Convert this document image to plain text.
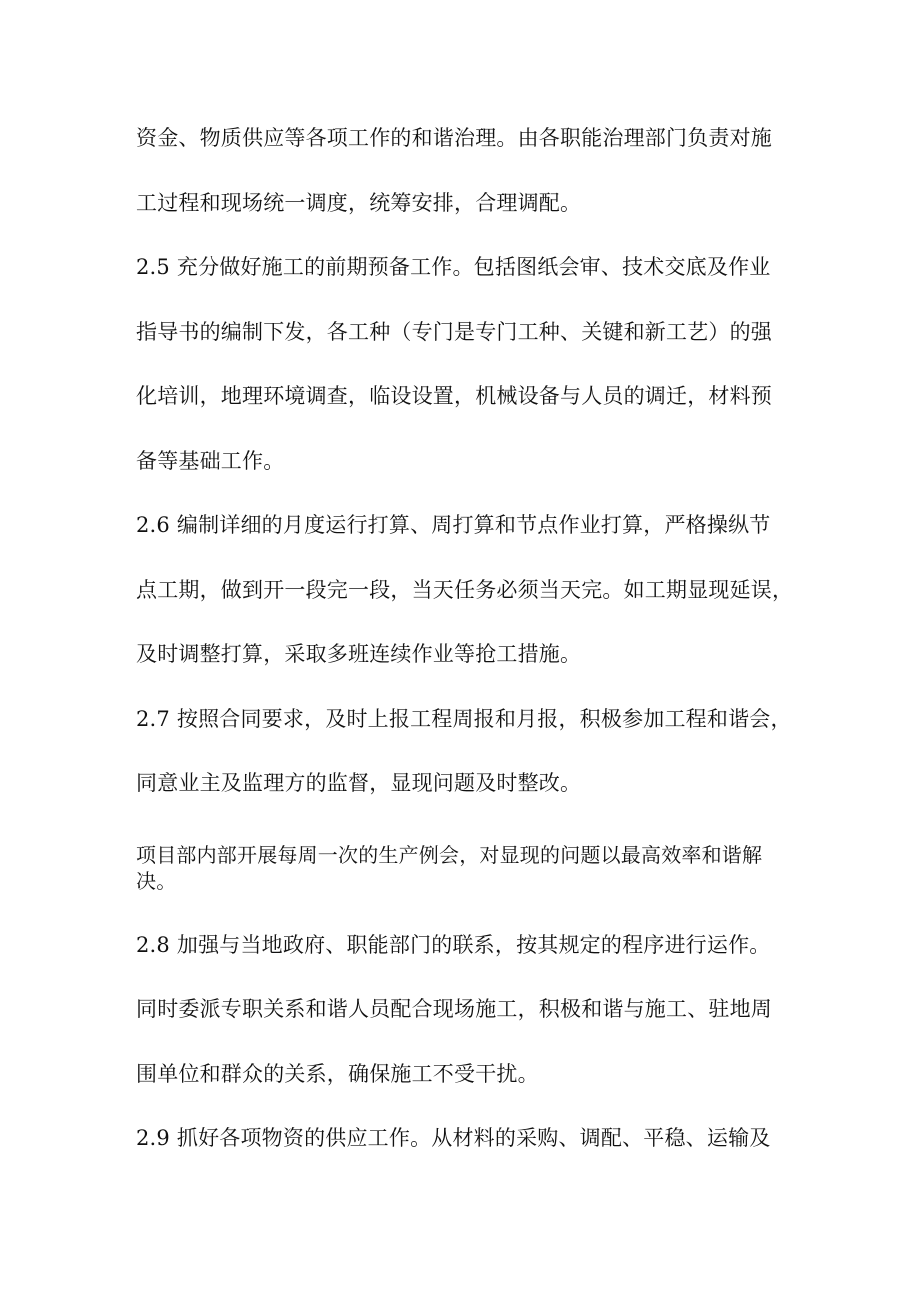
资金、物质供应等各项工作的和谐治理。由各职能治理部门负责对施
工过程和现场统一调度，统筹安排，合理调配。
2.5 充分做好施工的前期预备工作。包括图纸会审、技术交底及作业
指导书的编制下发，各工种（专门是专门工种、关键和新工艺）的强
化培训，地理环境调查，临设设置，机械设备与人员的调迁，材料预
备等基础工作。
2.6 编制详细的月度运行打算、周打算和节点作业打算，严格操纵节
点工期，做到开一段完一段，当天任务必须当天完。如工期显现延误，
及时调整打算，采取多班连续作业等抢工措施。
2.7 按照合同要求，及时上报工程周报和月报，积极参加工程和谐会，
同意业主及监理方的监督，显现问题及时整改。
项目部内部开展每周一次的生产例会，对显现的问题以最高效率和谐解决。
2.8 加强与当地政府、职能部门的联系，按其规定的程序进行运作。
同时委派专职关系和谐人员配合现场施工，积极和谐与施工、驻地周
围单位和群众的关系，确保施工不受干扰。
2.9 抓好各项物资的供应工作。从材料的采购、调配、平稳、运输及
